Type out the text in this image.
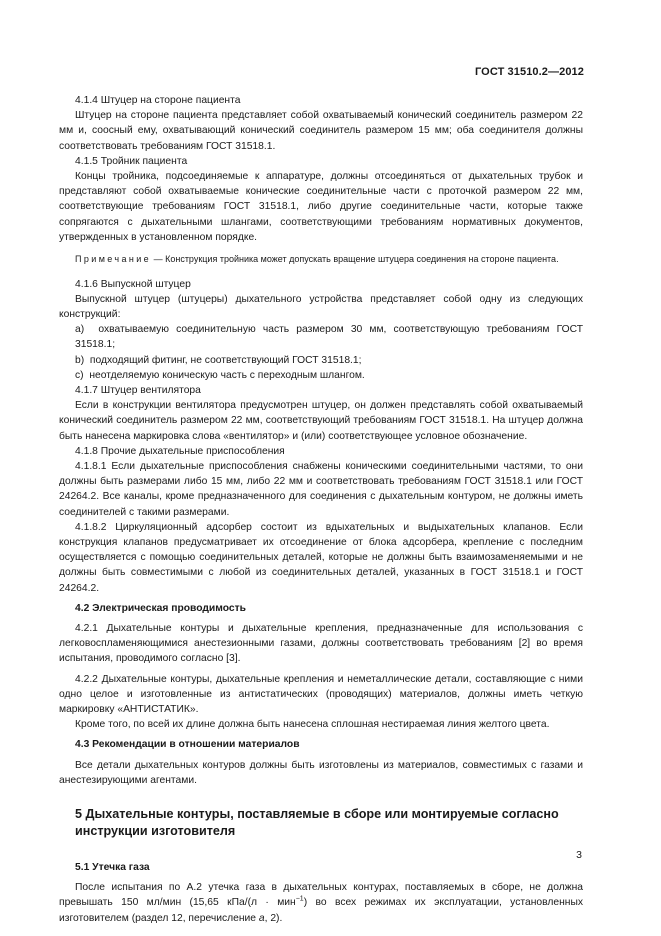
ГОСТ 31510.2—2012

4.1.4 Штуцер на стороне пациента

Штуцер на стороне пациента представляет собой охватываемый конический соединитель размером 22 мм и, соосный ему, охватывающий конический соединитель размером 15 мм; оба соединителя должны соответствовать требованиям ГОСТ 31518.1.

4.1.5 Тройник пациента

Концы тройника, подсоединяемые к аппаратуре, должны отсоединяться от дыхательных трубок и представляют собой охватываемые конические соединительные части с проточкой размером 22 мм, соответствующие требованиям ГОСТ 31518.1, либо другие соединительные части, которые также сопрягаются с дыхательными шлангами, соответствующими требованиям нормативных документов, утвержденных в установленном порядке.

Примечание — Конструкция тройника может допускать вращение штуцера соединения на стороне пациента.

4.1.6 Выпускной штуцер

Выпускной штуцер (штуцеры) дыхательного устройства представляет собой одну из следующих конструкций:

a) охватываемую соединительную часть размером 30 мм, соответствующую требованиям ГОСТ 31518.1;

b) подходящий фитинг, не соответствующий ГОСТ 31518.1;

c) неотделяемую коническую часть с переходным шлангом.

4.1.7 Штуцер вентилятора

Если в конструкции вентилятора предусмотрен штуцер, он должен представлять собой охватываемый конический соединитель размером 22 мм, соответствующий требованиям ГОСТ 31518.1. На штуцер должна быть нанесена маркировка слова «вентилятор» и (или) соответствующее условное обозначение.

4.1.8 Прочие дыхательные приспособления

4.1.8.1 Если дыхательные приспособления снабжены коническими соединительными частями, то они должны быть размерами либо 15 мм, либо 22 мм и соответствовать требованиям ГОСТ 31518.1 или ГОСТ 24264.2. Все каналы, кроме предназначенного для соединения с дыхательным контуром, не должны иметь соединителей с такими размерами.

4.1.8.2 Циркуляционный адсорбер состоит из вдыхательных и выдыхательных клапанов. Если конструкция клапанов предусматривает их отсоединение от блока адсорбера, крепление с последним осуществляется с помощью соединительных деталей, которые не должны быть взаимозаменяемыми и не должны быть совместимыми с любой из соединительных деталей, указанных в ГОСТ 31518.1 и ГОСТ 24264.2.

4.2 Электрическая проводимость

4.2.1 Дыхательные контуры и дыхательные крепления, предназначенные для использования с легковоспламеняющимися анестезионными газами, должны соответствовать требованиям [2] во время испытания, проводимого согласно [3].

4.2.2 Дыхательные контуры, дыхательные крепления и неметаллические детали, составляющие с ними одно целое и изготовленные из антистатических (проводящих) материалов, должны иметь четкую маркировку «АНТИСТАТИК».

Кроме того, по всей их длине должна быть нанесена сплошная нестираемая линия желтого цвета.

4.3 Рекомендации в отношении материалов

Все детали дыхательных контуров должны быть изготовлены из материалов, совместимых с газами и анестезирующими агентами.

5 Дыхательные контуры, поставляемые в сборе или монтируемые согласно инструкции изготовителя

5.1 Утечка газа

После испытания по А.2 утечка газа в дыхательных контурах, поставляемых в сборе, не должна превышать 150 мл/мин (15,65 кПа/(л · мин$^{-1}$) во всех режимах их эксплуатации, установленных изготовителем (раздел 12, перечисление а, 2).

3
